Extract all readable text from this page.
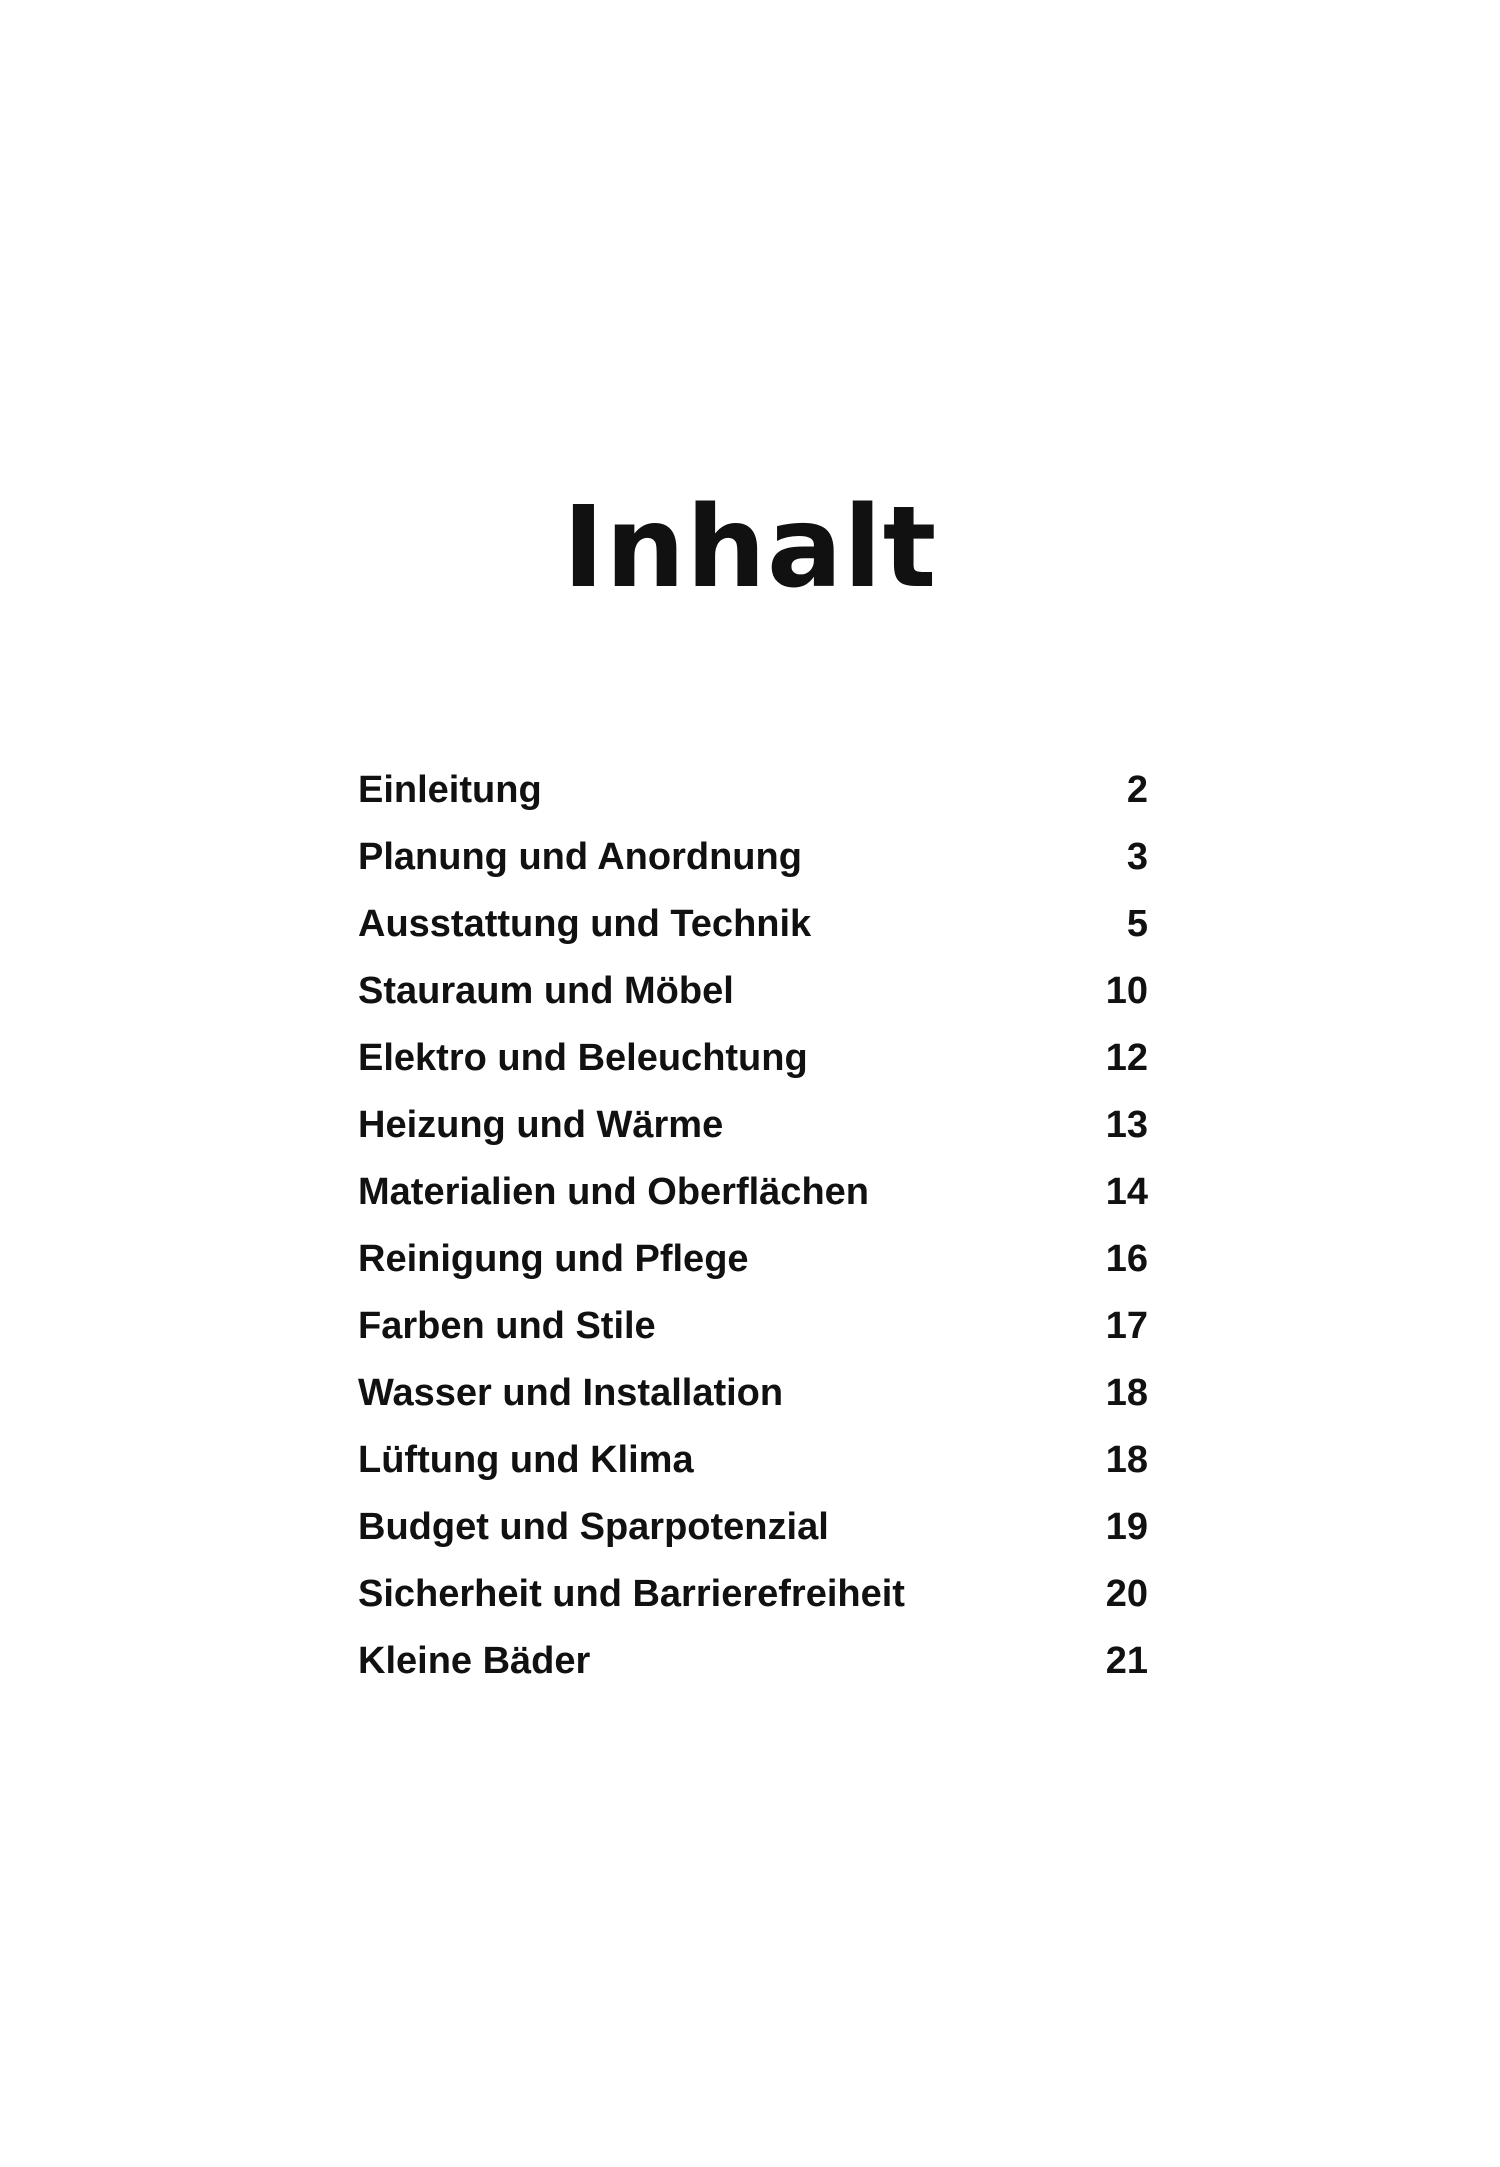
Inhalt
Einleitung	2
Planung und Anordnung	3
Ausstattung und Technik	5
Stauraum und Möbel	10
Elektro und Beleuchtung	12
Heizung und Wärme	13
Materialien und Oberflächen	14
Reinigung und Pflege	16
Farben und Stile	17
Wasser und Installation	18
Lüftung und Klima	18
Budget und Sparpotenzial	19
Sicherheit und Barrierefreiheit	20
Kleine Bäder	21
